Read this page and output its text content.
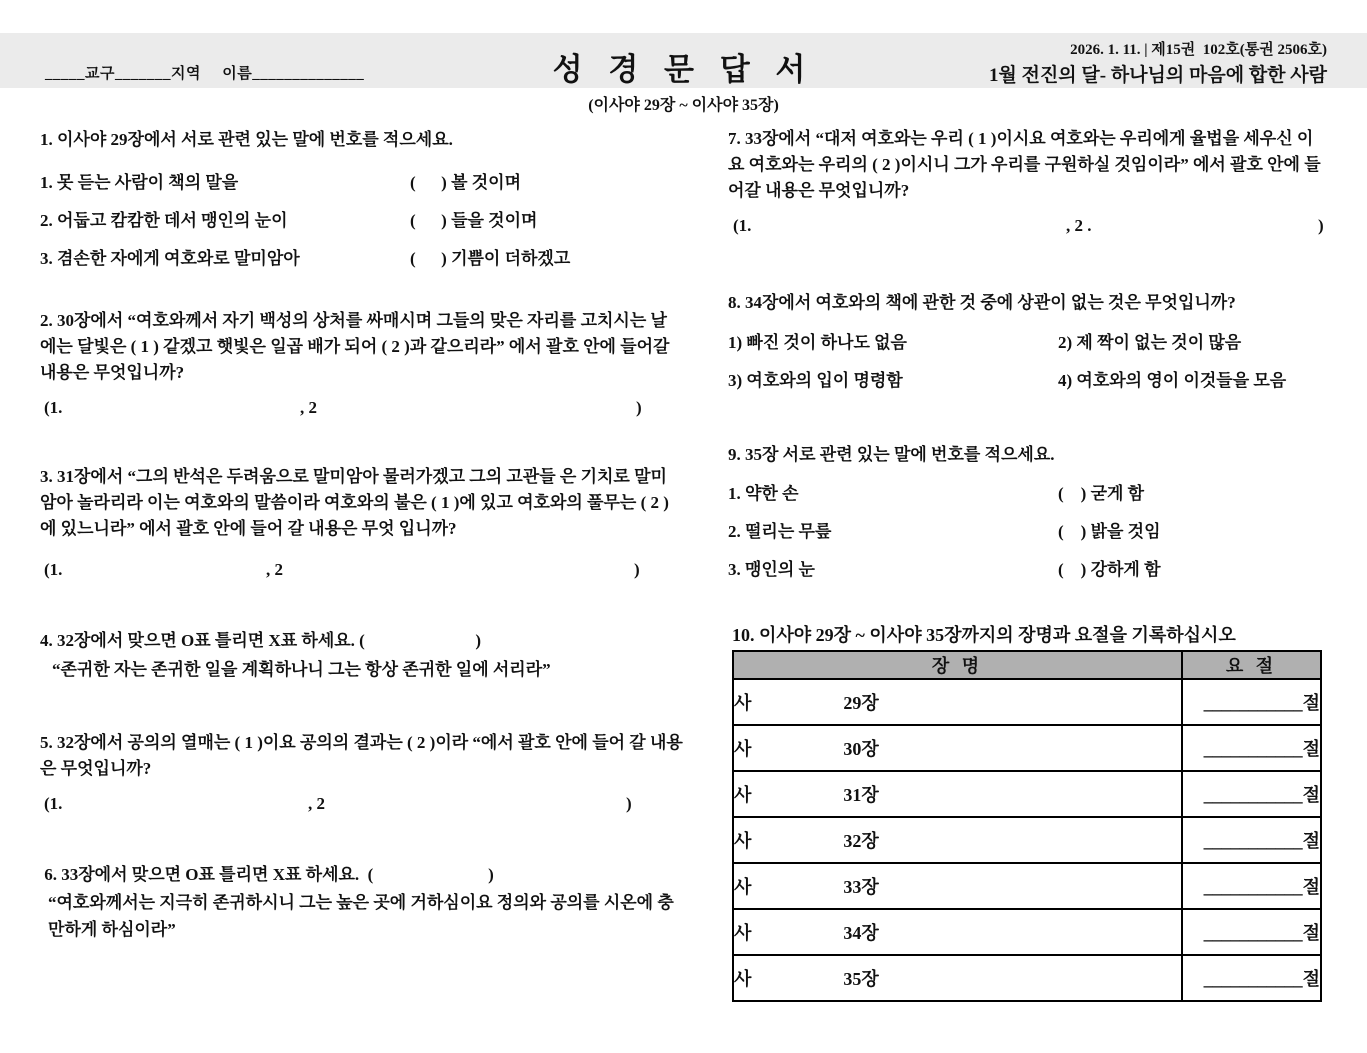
_____교구_______지역     이름______________	성 경 문 답 서
2026. 1. 11. | 제15권  102호(통권 2506호)
1월 전진의 달- 하나님의 마음에 합한 사람
(이사야 29장 ~ 이사야 35장)
1. 이사야 29장에서 서로 관련 있는 말에 번호를 적으세요.
1. 못 듣는 사람이 책의 말을	(      ) 볼 것이며
2. 어둡고 캄캄한 데서 맹인의 눈이	(      ) 들을 것이며
3. 겸손한 자에게 여호와로 말미암아	(      ) 기쁨이 더하겠고
2. 30장에서 “여호와께서 자기 백성의 상처를 싸매시며 그들의 맞은 자리를 고치시는 날에는 달빛은 ( 1 ) 같겠고 햇빛은 일곱 배가 되어 ( 2 )과 같으리라” 에서 괄호 안에 들어갈 내용은 무엇입니까?
(1.	, 2	)
3. 31장에서 “그의 반석은 두려움으로 말미암아 물러가겠고 그의 고관들 은 기치로 말미암아 놀라리라 이는 여호와의 말씀이라 여호와의 불은 ( 1 )에 있고 여호와의 풀무는 ( 2 )에 있느니라” 에서 괄호 안에 들어 갈 내용은 무엇 입니까?
(1.	, 2	)
4. 32장에서 맞으면 O표 틀리면 X표 하세요. (                          )
“존귀한 자는 존귀한 일을 계획하나니 그는 항상 존귀한 일에 서리라”
5. 32장에서 공의의 열매는 ( 1 )이요 공의의 결과는 ( 2 )이라 “에서 괄호 안에 들어 갈 내용은 무엇입니까?
(1.	, 2	)
6. 33장에서 맞으면 O표 틀리면 X표 하세요.  (                           )
“여호와께서는 지극히 존귀하시니 그는 높은 곳에 거하심이요 정의와 공의를 시온에 충만하게 하심이라”
7. 33장에서 “대저 여호와는 우리 ( 1 )이시요 여호와는 우리에게 율법을 세우신 이요 여호와는 우리의 ( 2 )이시니 그가 우리를 구원하실 것임이라” 에서 괄호 안에 들어갈 내용은 무엇입니까?
(1.	, 2 .	)
8. 34장에서 여호와의 책에 관한 것 중에 상관이 없는 것은 무엇입니까?
1) 빠진 것이 하나도 없음	2) 제 짝이 없는 것이 많음
3) 여호와의 입이 명령함	4) 여호와의 영이 이것들을 모음
9. 35장 서로 관련 있는 말에 번호를 적으세요.
1. 약한 손	(    ) 굳게 함
2. 떨리는 무릎	(    ) 밝을 것임
3. 맹인의 눈	(    ) 강하게 함
10. 이사야 29장 ~ 이사야 35장까지의 장명과 요절을 기록하십시오
장 명	요 절
사 29장	___________절
사 30장	___________절
사 31장	___________절
사 32장	___________절
사 33장	___________절
사 34장	___________절
사 35장	___________절
